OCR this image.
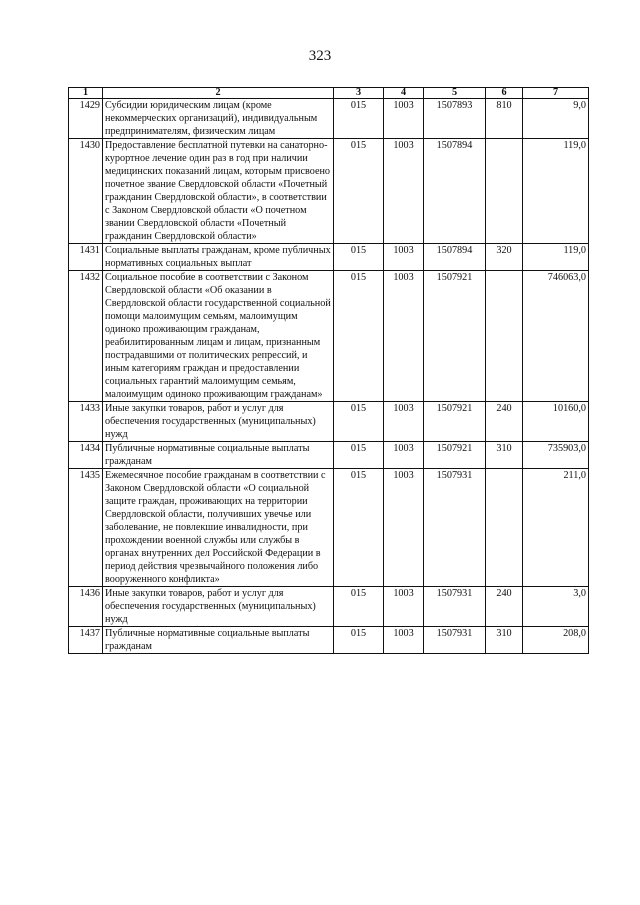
323
1	2	3	4	5	6	7
1429	Субсидии юридическим лицам (кроме некоммерческих организаций), индивидуальным предпринимателям, физическим лицам	015	1003	1507893	810	9,0
1430	Предоставление бесплатной путевки на санаторно-курортное лечение один раз в год при наличии медицинских показаний лицам, которым присвоено почетное звание Свердловской области «Почетный гражданин Свердловской области», в соответствии с Законом Свердловской области «О почетном звании Свердловской области «Почетный гражданин Свердловской области»	015	1003	1507894		119,0
1431	Социальные выплаты гражданам, кроме публичных нормативных социальных выплат	015	1003	1507894	320	119,0
1432	Социальное пособие в соответствии с Законом Свердловской области «Об оказании в Свердловской области государственной социальной помощи малоимущим семьям, малоимущим одиноко проживающим гражданам, реабилитированным лицам и лицам, признанным пострадавшими от политических репрессий, и иным категориям граждан и предоставлении социальных гарантий малоимущим семьям, малоимущим одиноко проживающим гражданам»	015	1003	1507921		746063,0
1433	Иные закупки товаров, работ и услуг для обеспечения государственных (муниципальных) нужд	015	1003	1507921	240	10160,0
1434	Публичные нормативные социальные выплаты гражданам	015	1003	1507921	310	735903,0
1435	Ежемесячное пособие гражданам в соответствии с Законом Свердловской области «О социальной защите граждан, проживающих на территории Свердловской области, получивших увечье или заболевание, не повлекшие инвалидности, при прохождении военной службы или службы в органах внутренних дел Российской Федерации в период действия чрезвычайного положения либо вооруженного конфликта»	015	1003	1507931		211,0
1436	Иные закупки товаров, работ и услуг для обеспечения государственных (муниципальных) нужд	015	1003	1507931	240	3,0
1437	Публичные нормативные социальные выплаты гражданам	015	1003	1507931	310	208,0
